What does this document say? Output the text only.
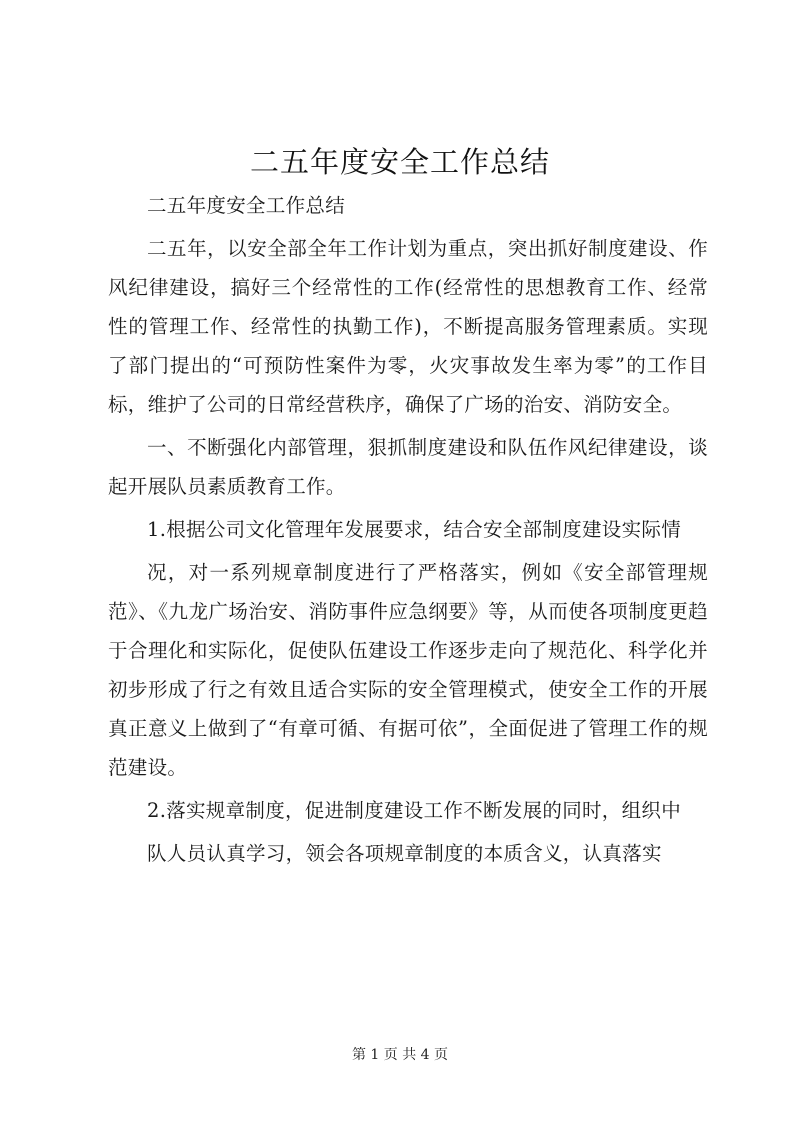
二五年度安全工作总结

二五年度安全工作总结

二五年，以安全部全年工作计划为重点，突出抓好制度建设、作风纪律建设，搞好三个经常性的工作(经常性的思想教育工作、经常性的管理工作、经常性的执勤工作)，不断提高服务管理素质。实现了部门提出的“可预防性案件为零，火灾事故发生率为零”的工作目标，维护了公司的日常经营秩序，确保了广场的治安、消防安全。

一、不断强化内部管理，狠抓制度建设和队伍作风纪律建设，谈起开展队员素质教育工作。

1.根据公司文化管理年发展要求，结合安全部制度建设实际情

况，对一系列规章制度进行了严格落实，例如《安全部管理规范》、《九龙广场治安、消防事件应急纲要》等，从而使各项制度更趋于合理化和实际化，促使队伍建设工作逐步走向了规范化、科学化并初步形成了行之有效且适合实际的安全管理模式，使安全工作的开展真正意义上做到了“有章可循、有据可依”，全面促进了管理工作的规范建设。

2.落实规章制度，促进制度建设工作不断发展的同时，组织中

队人员认真学习，领会各项规章制度的本质含义，认真落实

第 1 页 共 4 页
